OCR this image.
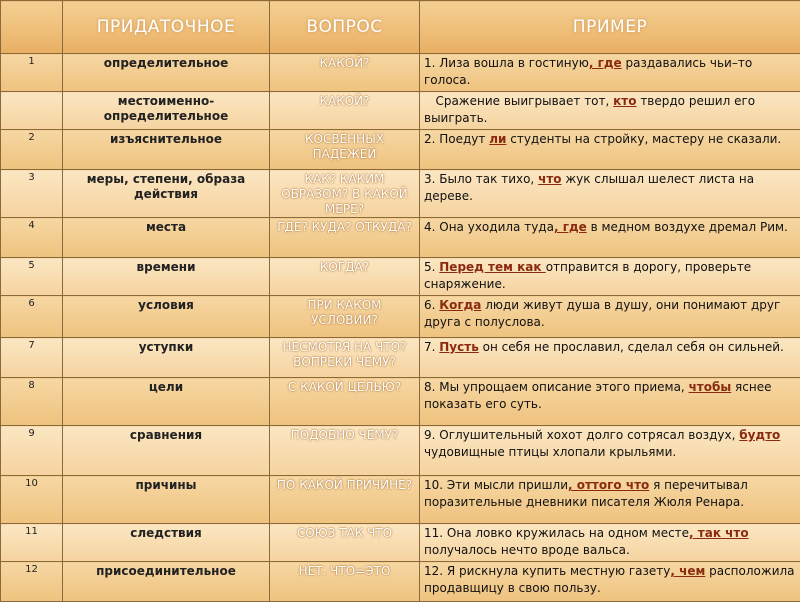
	ПРИДАТОЧНОЕ	ВОПРОС	ПРИМЕР
1	определительное	КАКОЙ?	1. Лиза вошла в гостиную, где раздавались чьи–то голоса.
	местоименно-определительное	КАКОЙ?	Сражение выигрывает тот, кто твердо решил его выиграть.
2	изъяснительное	КОСВЕННЫХ ПАДЕЖЕЙ	2. Поедут ли студенты на стройку, мастеру не сказали.
3	меры, степени, образа действия	КАК? КАКИМ ОБРАЗОМ? В КАКОЙ МЕРЕ?	3. Было так тихо, что жук слышал шелест листа на дереве.
4	места	ГДЕ? КУДА? ОТКУДА?	4. Она уходила туда, где в медном воздухе дремал Рим.
5	времени	КОГДА?	5. Перед тем как отправится в дорогу, проверьте снаряжение.
6	условия	ПРИ КАКОМ УСЛОВИИ?	6. Когда люди живут душа в душу, они понимают друг друга с полуслова.
7	уступки	НЕСМОТРЯ НА ЧТО? ВОПРЕКИ ЧЕМУ?	7. Пусть он себя не прославил, сделал себя он сильней.
8	цели	С КАКОЙ ЦЕЛЬЮ?	8. Мы упрощаем описание этого приема, чтобы яснее показать его суть.
9	сравнения	ПОДОБНО ЧЕМУ?	9. Оглушительный хохот долго сотрясал воздух, будто чудовищные птицы хлопали крыльями.
10	причины	ПО КАКОЙ ПРИЧИНЕ?	10. Эти мысли пришли, оттого что я перечитывал поразительные дневники писателя Жюля Ренара.
11	следствия	СОЮЗ ТАК ЧТО	11. Она ловко кружилась на одном месте, так что получалось нечто вроде вальса.
12	присоединительное	НЕТ. ЧТО=ЭТО	12. Я рискнула купить местную газету, чем расположила продавщицу в свою пользу.
